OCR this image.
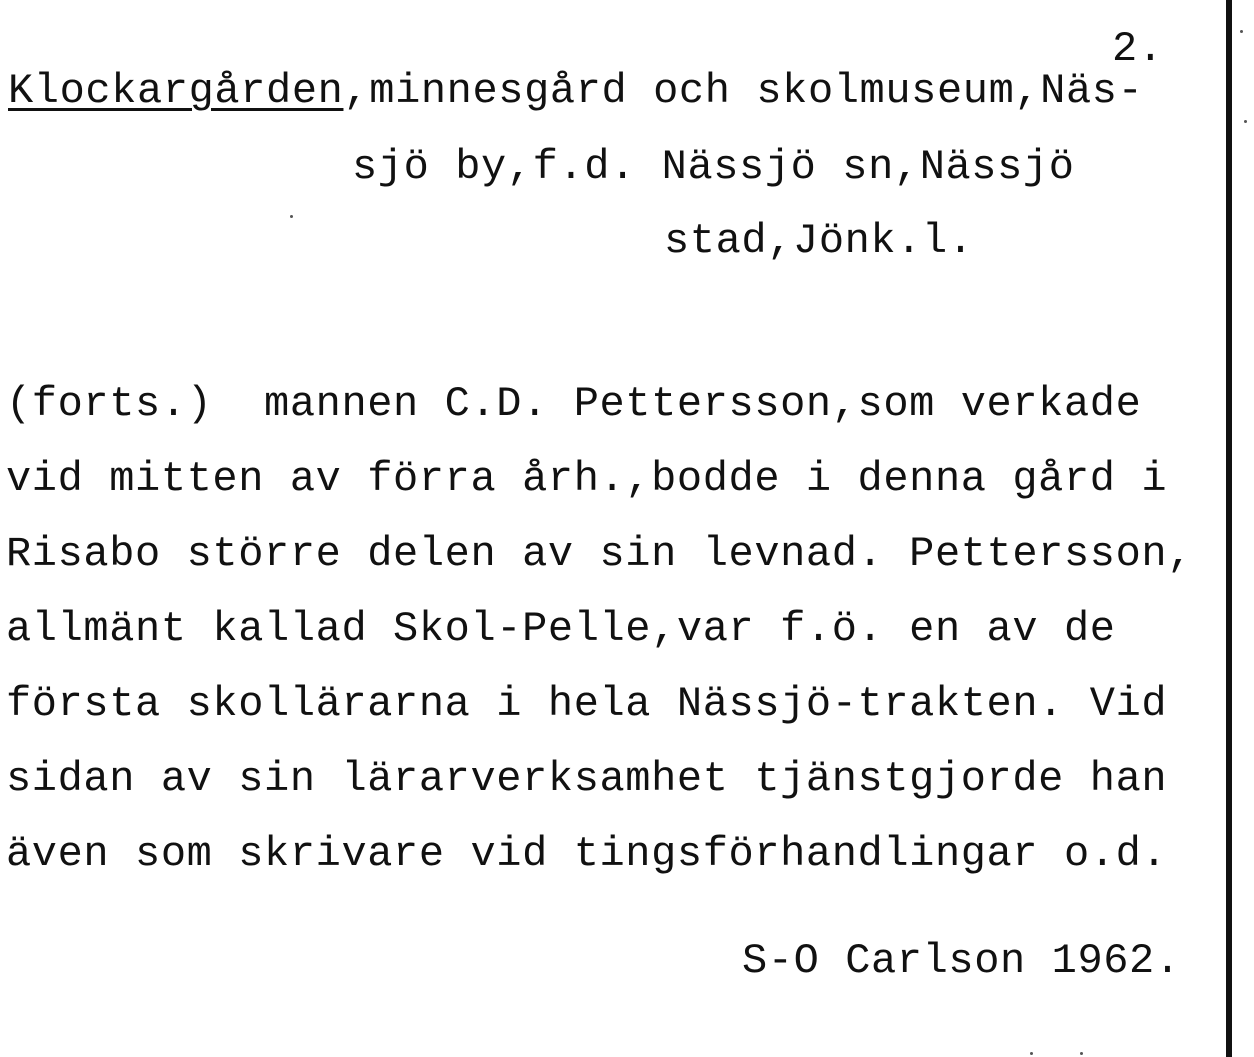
2.
Klockargården,minnesgård och skolmuseum,Näs-
sjö by,f.d. Nässjö sn,Nässjö
stad,Jönk.l.
(forts.)  mannen C.D. Pettersson,som verkade
vid mitten av förra årh.,bodde i denna gård i
Risabo större delen av sin levnad. Pettersson,
allmänt kallad Skol-Pelle,var f.ö. en av de
första skollärarna i hela Nässjö-trakten. Vid
sidan av sin lärarverksamhet tjänstgjorde han
även som skrivare vid tingsförhandlingar o.d.
S-O Carlson 1962.
